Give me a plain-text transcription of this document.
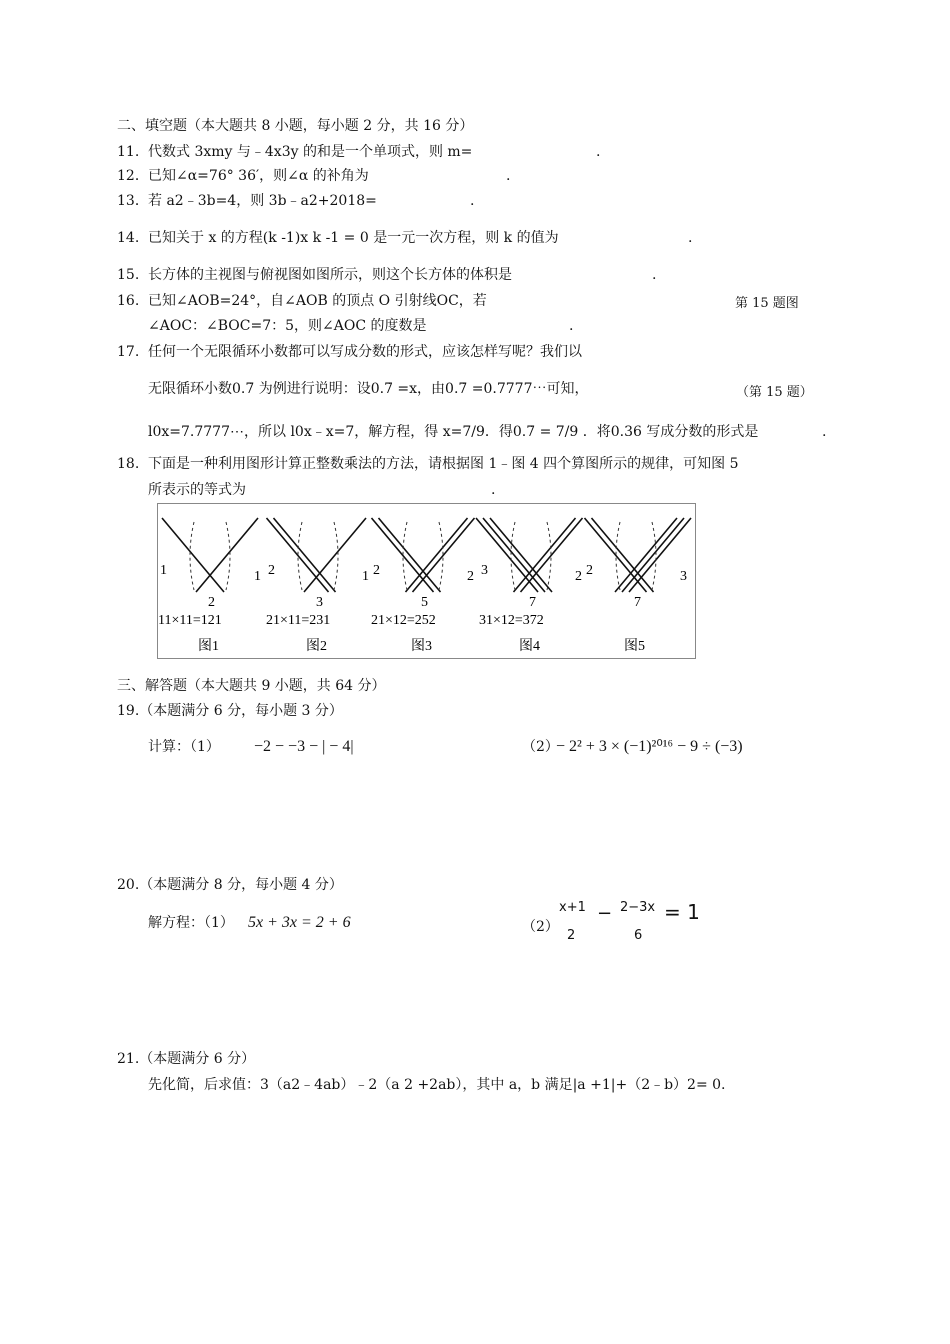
二、填空题（本大题共 8 小题，每小题 2 分，共 16 分）
11. 代数式 3xmy 与﹣4x3y 的和是一个单项式，则 m=	.
12． 已知∠α=76° 36′，则∠α 的补角为	.
13． 若 a2﹣3b=4，则 3b﹣a2+2018=	.
14. 已知关于 x 的方程(k -1)x k -1 = 0 是一元一次方程，则 k 的值为	.
15. 长方体的主视图与俯视图如图所示，则这个长方体的体积是	.
第 15 题图
16. 已知∠AOB=24°，自∠AOB 的顶点 O 引射线OC，若
∠AOC：∠BOC=7：5，则∠AOC 的度数是	.
17. 任何一个无限循环小数都可以写成分数的形式，应该怎样写呢？我们以
无限循环小数0.7̇ 为例进行说明：设0.7̇ =x，由0.7̇ =0.7777⋯可知，	（第 15 题）
l0x=7.7777⋯，所以 l0x﹣x=7，解方程，得 x=7/9．得0.7̇ = 7/9 ．将0.36 写成分数的形式是	.
18. 下面是一种利用图形计算正整数乘法的方法，请根据图 1﹣图 4 四个算图所示的规律，可知图 5
所表示的等式为	.
1	1
2
11×11=121
图1
2	1
3
21×11=231
图2
2	2
5
21×12=252
图3
3	2
7
31×12=372
图4
2	3
7
图5
三、解答题（本大题共 9 小题，共 64 分）
19.（本题满分 6 分，每小题 3 分）
计算：（1） −2 − −3 − | − 4|	（2）
− 2² + 3 × (−1)²⁰¹⁶ − 9 ÷ (−3)
20.（本题满分 8 分，每小题 4 分）
解方程：（1） 5x + 3x = 2 + 6	（2）
x+1
2
− 2−3x
6
= 1
21.（本题满分 6 分）
先化简，后求值：3（a2﹣4ab）﹣2（a 2 +2ab），其中 a，b 满足|a +1|+（2﹣b）2= 0.
